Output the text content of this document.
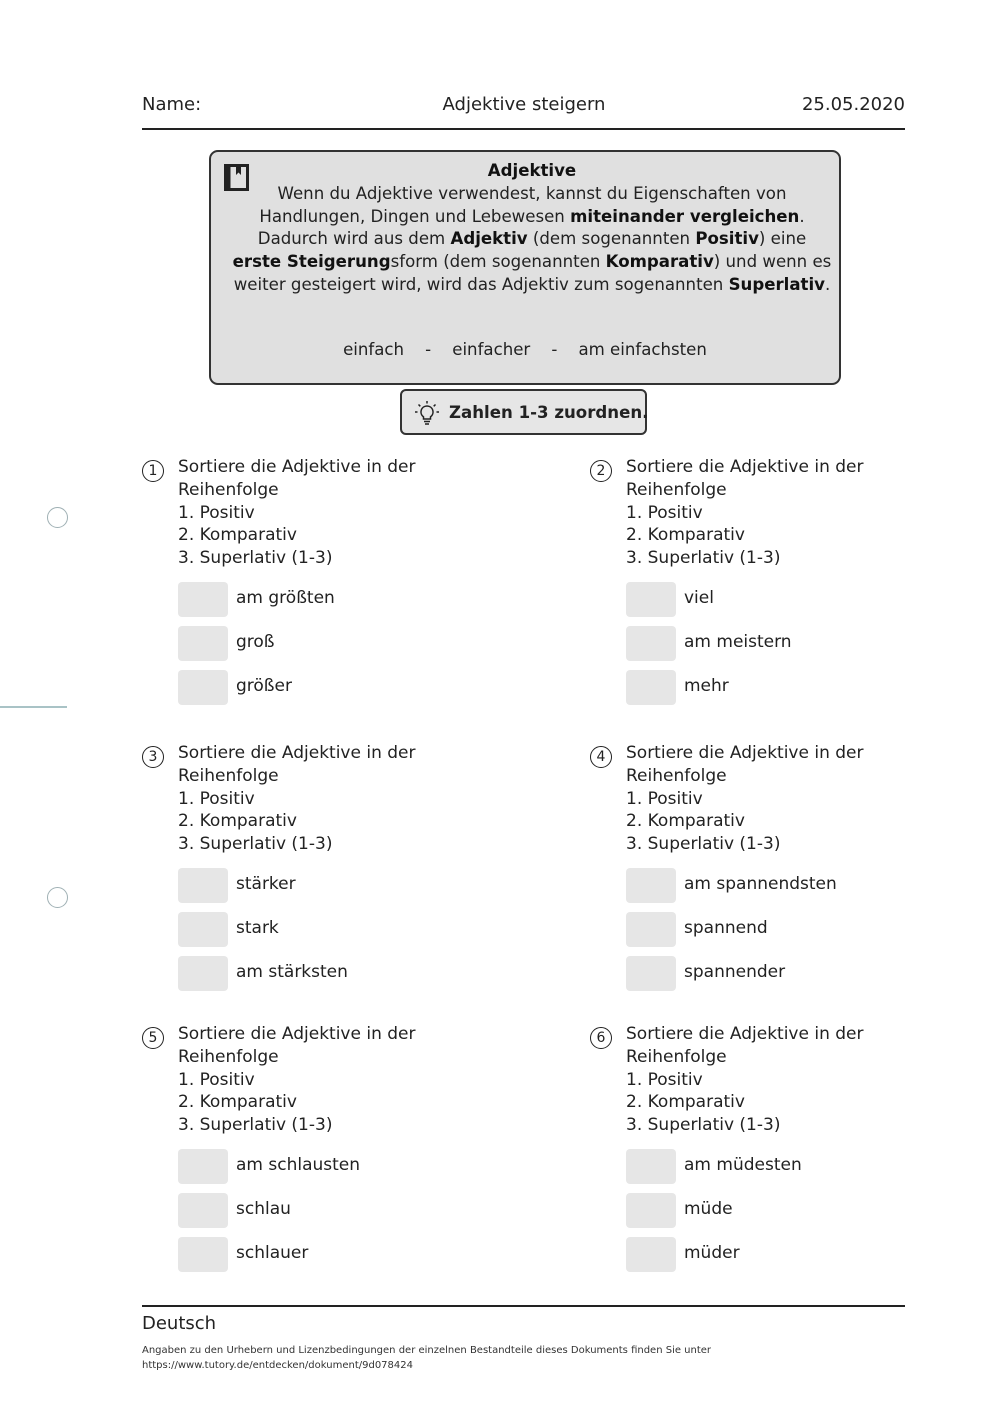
Name:	Adjektive steigern	25.05.2020
Adjektive
Wenn du Adjektive verwendest, kannst du Eigenschaften von Handlungen, Dingen und Lebewesen miteinander vergleichen. Dadurch wird aus dem Adjektiv (dem sogenannten Positiv) eine erste Steigerungsform (dem sogenannten Komparativ) und wenn es weiter gesteigert wird, wird das Adjektiv zum sogenannten Superlativ.
einfach    -    einfacher    -    am einfachsten
Zahlen 1-3 zuordnen.
1	Sortiere die Adjektive in der
Reihenfolge
1. Positiv
2. Komparativ
3. Superlativ (1-3)
am größten
groß
größer
2	Sortiere die Adjektive in der
Reihenfolge
1. Positiv
2. Komparativ
3. Superlativ (1-3)
viel
am meistern
mehr
3	Sortiere die Adjektive in der
Reihenfolge
1. Positiv
2. Komparativ
3. Superlativ (1-3)
stärker
stark
am stärksten
4	Sortiere die Adjektive in der
Reihenfolge
1. Positiv
2. Komparativ
3. Superlativ (1-3)
am spannendsten
spannend
spannender
5	Sortiere die Adjektive in der
Reihenfolge
1. Positiv
2. Komparativ
3. Superlativ (1-3)
am schlausten
schlau
schlauer
6	Sortiere die Adjektive in der
Reihenfolge
1. Positiv
2. Komparativ
3. Superlativ (1-3)
am müdesten
müde
müder
Deutsch
Angaben zu den Urhebern und Lizenzbedingungen der einzelnen Bestandteile dieses Dokuments finden Sie unter
https://www.tutory.de/entdecken/dokument/9d078424
